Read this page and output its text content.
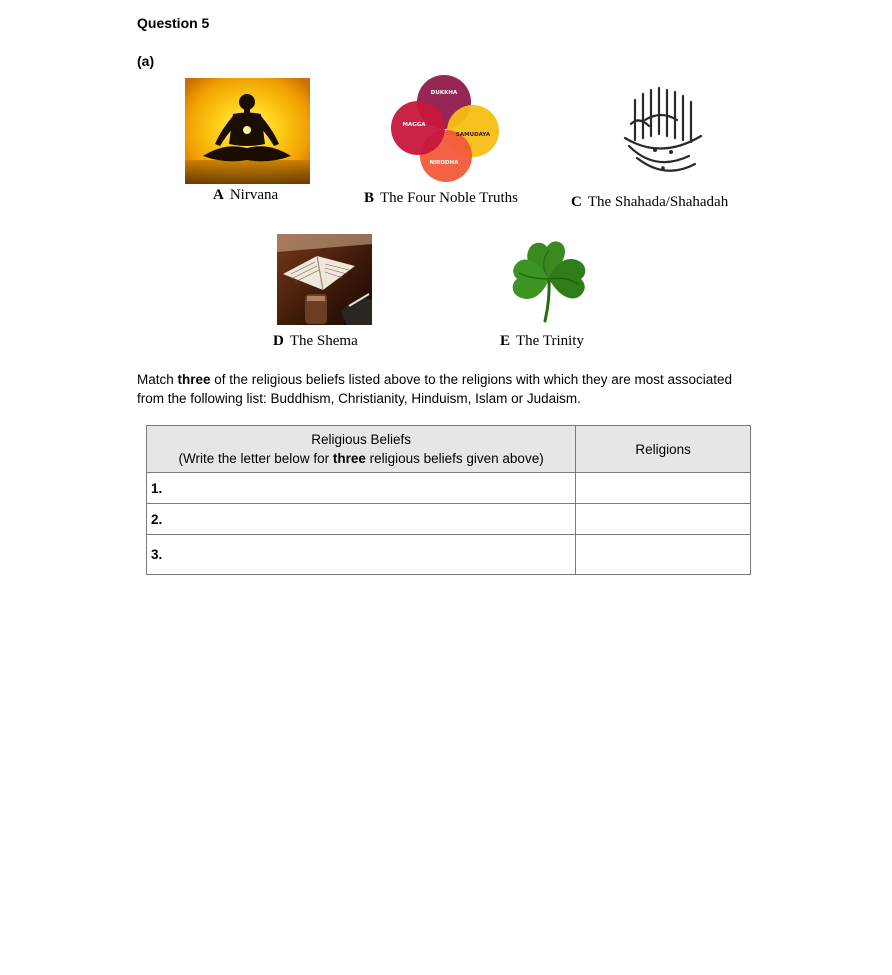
Question 5
(a)
DUKKHA
MAGGA
SAMUDAYA
NIRODHA
A Nirvana	B The Four Noble Truths	C The Shahada/Shahadah
D The Shema	E The Trinity
Match three of the religious beliefs listed above to the religions with which they are most associated from the following list: Buddhism, Christianity, Hinduism, Islam or Judaism.
Religious Beliefs
(Write the letter below for three religious beliefs given above)	Religions
1.	
2.	
3.	
